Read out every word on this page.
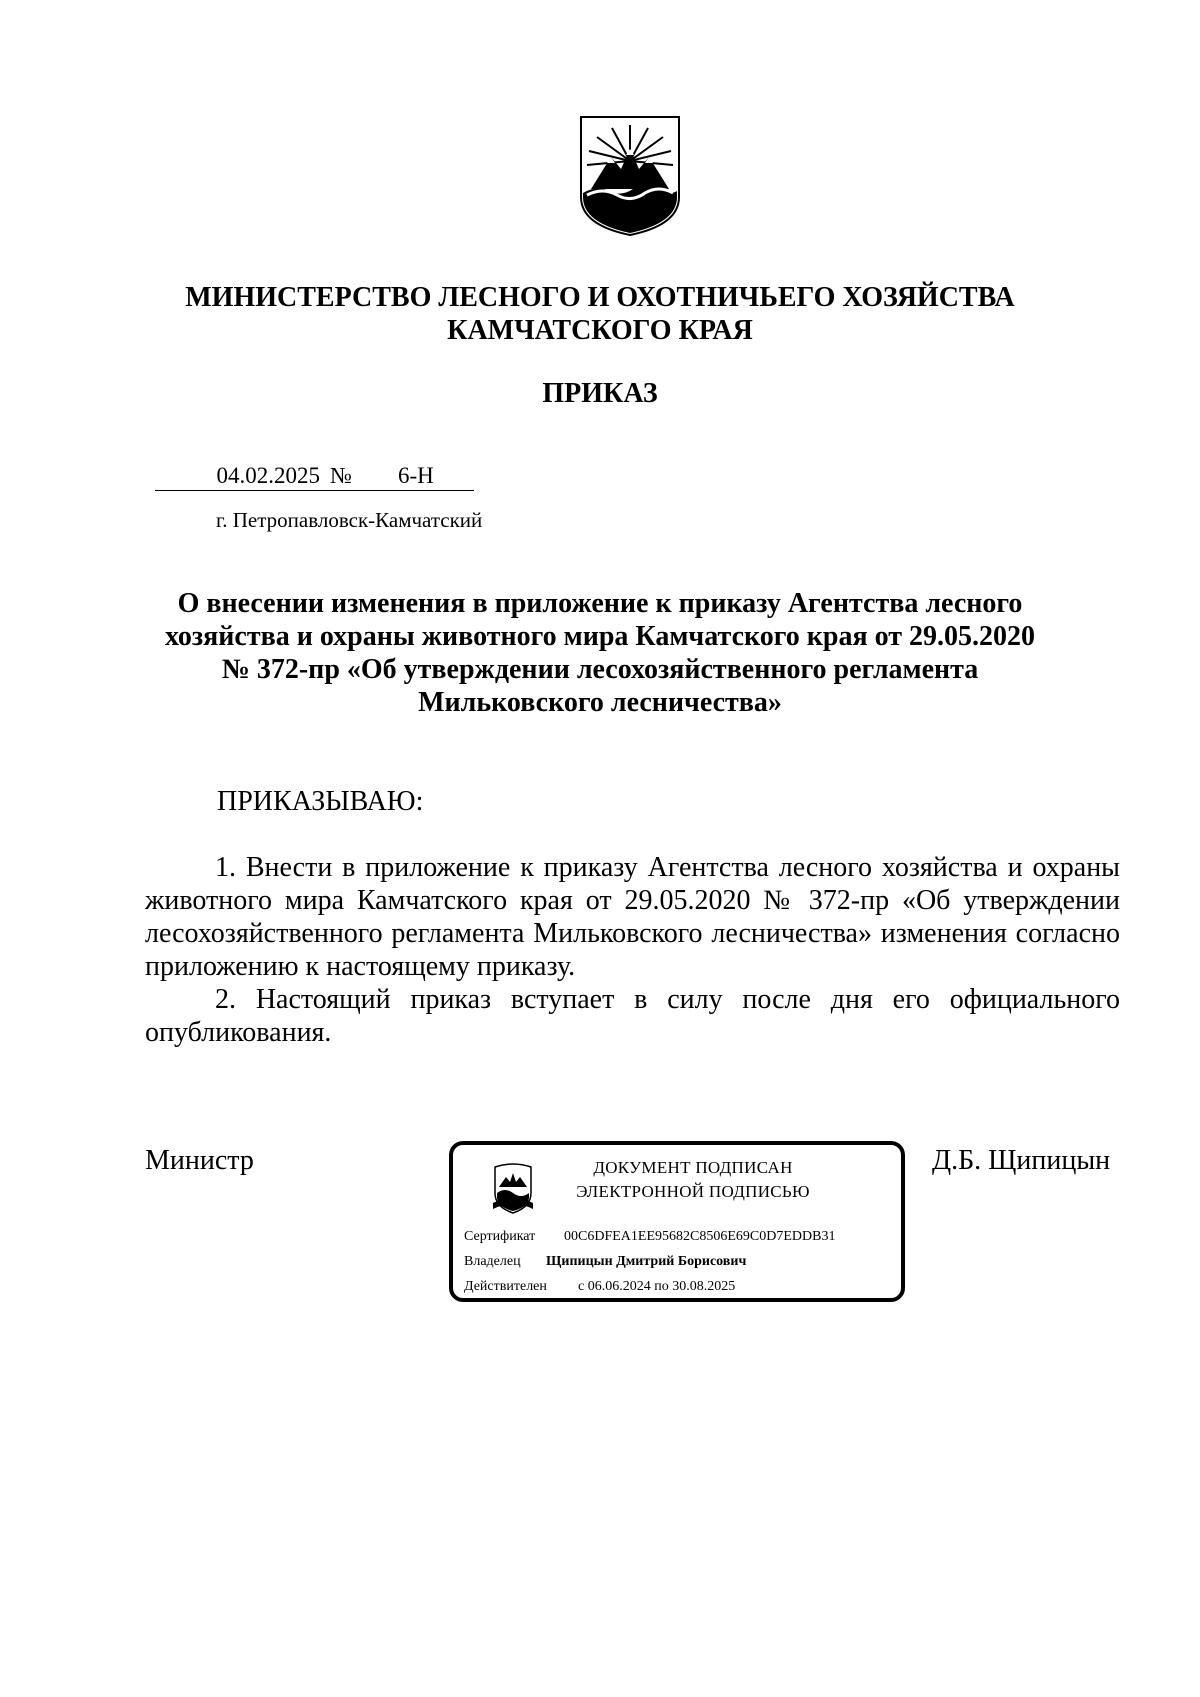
МИНИСТЕРСТВО ЛЕСНОГО И ОХОТНИЧЬЕГО ХОЗЯЙСТВА
КАМЧАТСКОГО КРАЯ
ПРИКАЗ
04.02.2025 № 6-Н
г. Петропавловск-Камчатский
О внесении изменения в приложение к приказу Агентства лесного
хозяйства и охраны животного мира Камчатского края от 29.05.2020
№ 372-пр «Об утверждении лесохозяйственного регламента
Мильковского лесничества»
ПРИКАЗЫВАЮ:

1. Внести в приложение к приказу Агентства лесного хозяйства и охраны животного мира Камчатского края от 29.05.2020 № 372-пр «Об утверждении лесохозяйственного регламента Мильковского лесничества» изменения согласно приложению к настоящему приказу.

2. Настоящий приказ вступает в силу после дня его официального опубликования.

Министр	ДОКУМЕНТ ПОДПИСАН
ЭЛЕКТРОННОЙ ПОДПИСЬЮ
Сертификат 00C6DFEA1EE95682C8506E69C0D7EDDB31
Владелец Щипицын Дмитрий Борисович
Действителен с 06.06.2024 по 30.08.2025
Д.Б. Щипицын
